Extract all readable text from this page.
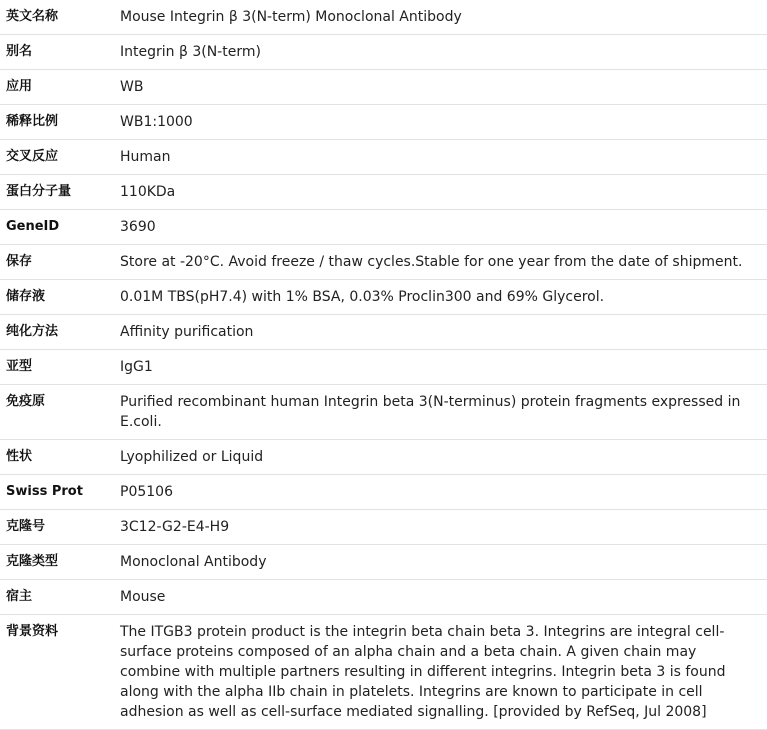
英文名称	Mouse Integrin β 3(N-term) Monoclonal Antibody
别名	Integrin β 3(N-term)
应用	WB
稀释比例	WB1:1000
交叉反应	Human
蛋白分子量	110KDa
GeneID	3690
保存	Store at -20°C. Avoid freeze / thaw cycles.Stable for one year from the date of shipment.
储存液	0.01M TBS(pH7.4) with 1% BSA, 0.03% Proclin300 and 69% Glycerol.
纯化方法	Affinity purification
亚型	IgG1
免疫原	Purified recombinant human Integrin beta 3(N-terminus) protein fragments expressed in E.coli.
性状	Lyophilized or Liquid
Swiss Prot	P05106
克隆号	3C12-G2-E4-H9
克隆类型	Monoclonal Antibody
宿主	Mouse
背景资料	The ITGB3 protein product is the integrin beta chain beta 3. Integrins are integral cell-surface proteins composed of an alpha chain and a beta chain. A given chain may combine with multiple partners resulting in different integrins. Integrin beta 3 is found along with the alpha IIb chain in platelets. Integrins are known to participate in cell adhesion as well as cell-surface mediated signalling. [provided by RefSeq, Jul 2008]
